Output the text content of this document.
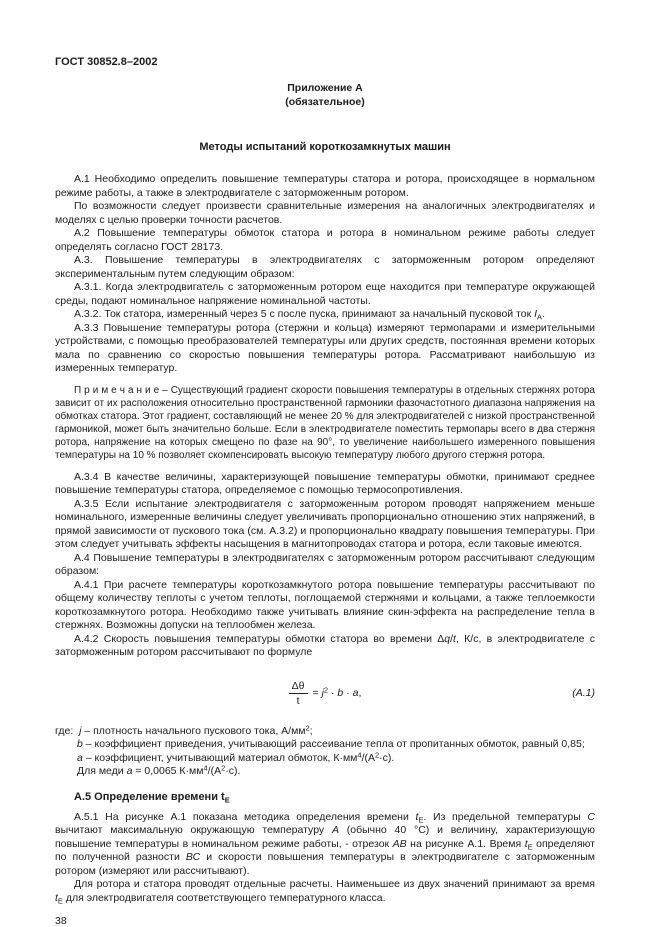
ГОСТ 30852.8–2002
Приложение А
(обязательное)
Методы испытаний короткозамкнутых машин

А.1 Необходимо определить повышение температуры статора и ротора, происходящее в нормальном режиме работы, а также в электродвигателе с заторможенным ротором.

По возможности следует произвести сравнительные измерения на аналогичных электродвигателях и моделях с целью проверки точности расчетов.

А.2 Повышение температуры обмоток статора и ротора в номинальном режиме работы следует определять согласно ГОСТ 28173.

А.3. Повышение температуры в электродвигателях с заторможенным ротором определяют экспериментальным путем следующим образом:

А.3.1. Когда электродвигатель с заторможенным ротором еще находится при температуре окружающей среды, подают номинальное напряжение номинальной частоты.

А.3.2. Ток статора, измеренный через 5 с после пуска, принимают за начальный пусковой ток $I_А$.

А.3.3 Повышение температуры ротора (стержни и кольца) измеряют термопарами и измерительными устройствами, с помощью преобразователей температуры или других средств, постоянная времени которых мала по сравнению со скоростью повышения температуры ротора. Рассматривают наибольшую из измеренных температур.

П р и м е ч а н и е – Существующий градиент скорости повышения температуры в отдельных стержнях ротора зависит от их расположения относительно пространственной гармоники фазочастотного диапазона напряжения на обмотках статора. Этот градиент, составляющий не менее 20 % для электродвигателей с низкой пространственной гармоникой, может быть значительно больше. Если в электродвигателе поместить термопары всего в два стержня ротора, напряжение на которых смещено по фазе на 90°, то увеличение наибольшего измеренного повышения температуры на 10 % позволяет скомпенсировать высокую температуру любого другого стержня ротора.

А.3.4 В качестве величины, характеризующей повышение температуры обмотки, принимают среднее повышение температуры статора, определяемое с помощью термосопротивления.

А.3.5 Если испытание электродвигателя с заторможенным ротором проводят напряжением меньше номинального, измеренные величины следует увеличивать пропорционально отношению этих напряжений, в прямой зависимости от пускового тока (см. А.3.2) и пропорционально квадрату повышения температуры. При этом следует учитывать эффекты насыщения в магнитопроводах статора и ротора, если таковые имеются.

А.4 Повышение температуры в электродвигателях с заторможенным ротором рассчитывают следующим образом:

А.4.1 При расчете температуры короткозамкнутого ротора повышение температуры рассчитывают по общему количеству теплоты с учетом теплоты, поглощаемой стержнями и кольцами, а также теплоемкости короткозамкнутого ротора. Необходимо также учитывать влияние скин-эффекта на распределение тепла в стержнях. Возможны допуски на теплообмен железа.

А.4.2 Скорость повышения температуры обмотки статора во времени Δq/t, К/с, в электродвигателе с заторможенным ротором рассчитывают по формуле

$\frac{\Delta\theta}{t} = j^2 \cdot b \cdot a$,	(А.1)
где: j – плотность начального пускового тока, $А/мм^2$;
b – коэффициент приведения, учитывающий рассеивание тепла от пропитанных обмоток, равный 0,85;
a – коэффициент, учитывающий материал обмоток, $К\cdot мм^4/(А^2\cdot с)$.
Для меди a = 0,0065 $К\cdot мм^4/(А^2\cdot с)$.
А.5 Определение времени $t_Е$

А.5.1 На рисунке А.1 показана методика определения времени $t_Е$. Из предельной температуры С вычитают максимальную окружающую температуру А (обычно 40 °С) и величину, характеризующую повышение температуры в номинальном режиме работы, - отрезок АВ на рисунке А.1. Время $t_Е$ определяют по полученной разности ВС и скорости повышения температуры в электродвигателе с заторможенным ротором (измеряют или рассчитывают).

Для ротора и статора проводят отдельные расчеты. Наименьшее из двух значений принимают за время $t_Е$ для электродвигателя соответствующего температурного класса.

38
